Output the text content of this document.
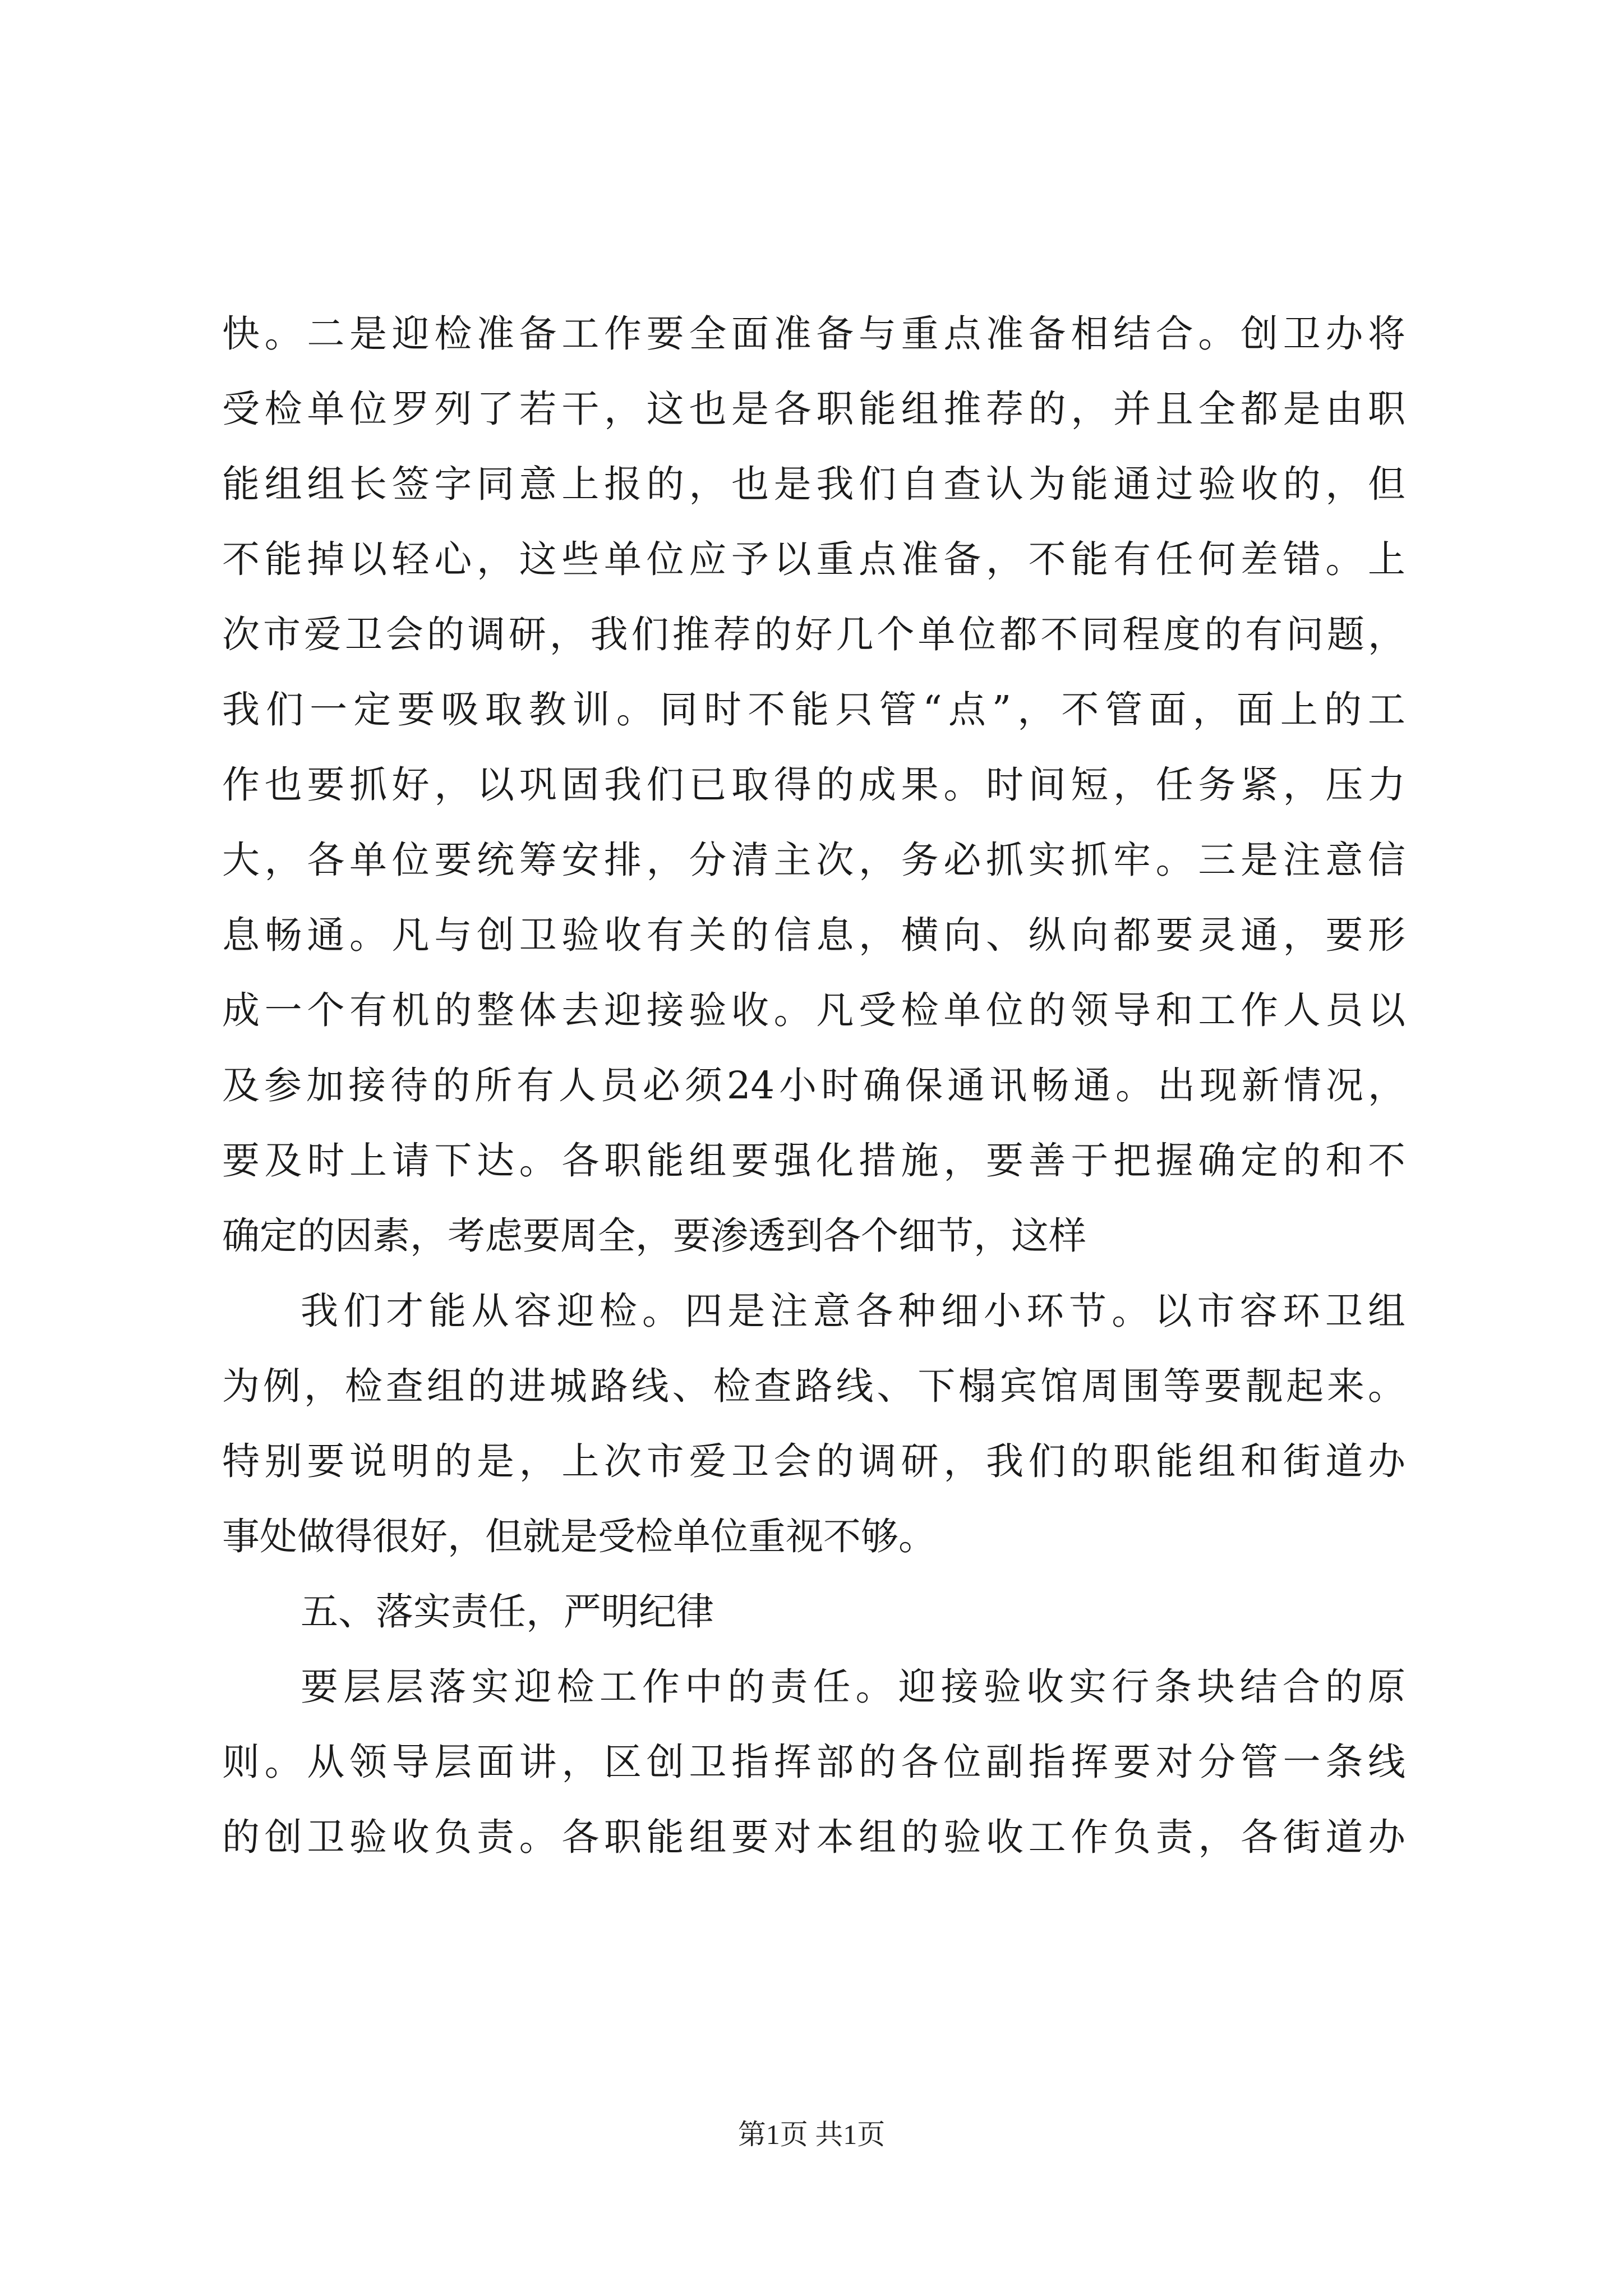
快。二是迎检准备工作要全面准备与重点准备相结合。创卫办将
受检单位罗列了若干，这也是各职能组推荐的，并且全都是由职
能组组长签字同意上报的，也是我们自查认为能通过验收的，但
不能掉以轻心，这些单位应予以重点准备，不能有任何差错。上
次市爱卫会的调研，我们推荐的好几个单位都不同程度的有问题，
我们一定要吸取教训。同时不能只管“点”，不管面，面上的工
作也要抓好，以巩固我们已取得的成果。时间短，任务紧，压力
大，各单位要统筹安排，分清主次，务必抓实抓牢。三是注意信
息畅通。凡与创卫验收有关的信息，横向、纵向都要灵通，要形
成一个有机的整体去迎接验收。凡受检单位的领导和工作人员以
及参加接待的所有人员必须24小时确保通讯畅通。出现新情况，
要及时上请下达。各职能组要强化措施，要善于把握确定的和不
确定的因素，考虑要周全，要渗透到各个细节，这样
我们才能从容迎检。四是注意各种细小环节。以市容环卫组
为例，检查组的进城路线、检查路线、下榻宾馆周围等要靓起来。
特别要说明的是，上次市爱卫会的调研，我们的职能组和街道办
事处做得很好，但就是受检单位重视不够。
五、落实责任，严明纪律
要层层落实迎检工作中的责任。迎接验收实行条块结合的原
则。从领导层面讲，区创卫指挥部的各位副指挥要对分管一条线
的创卫验收负责。各职能组要对本组的验收工作负责，各街道办
第1页 共1页
